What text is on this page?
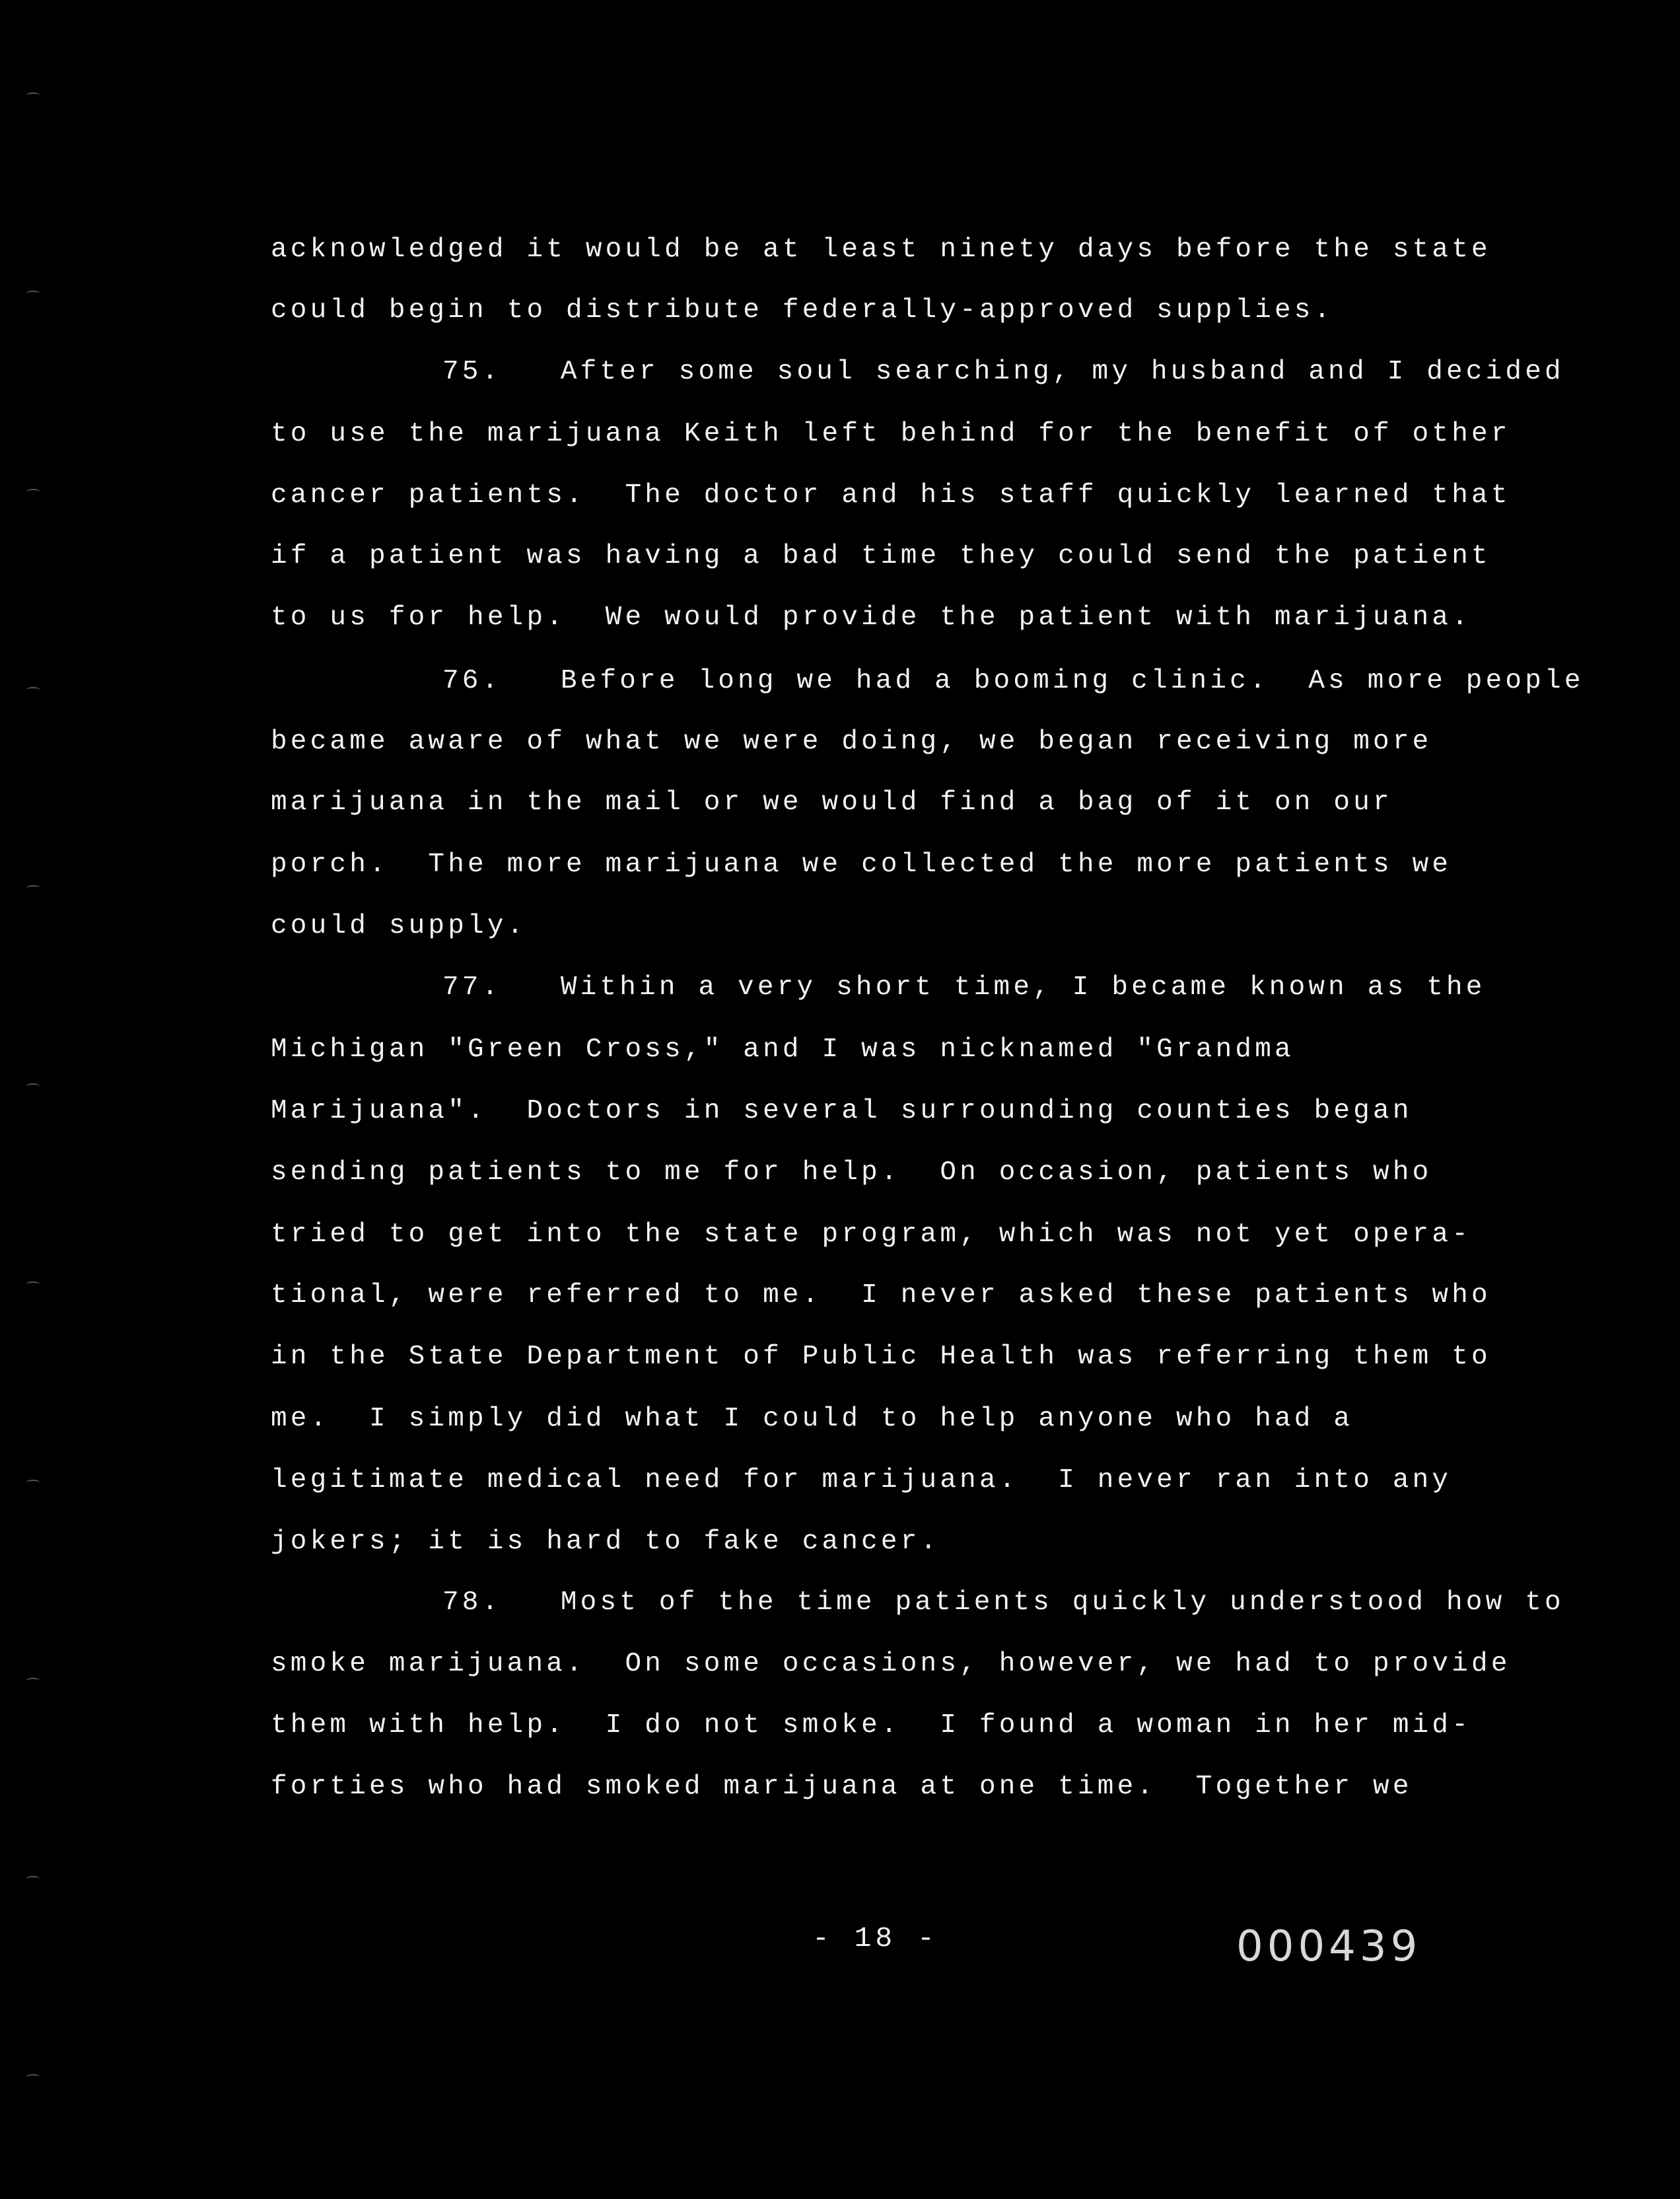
acknowledged it would be at least ninety days before the state
could begin to distribute federally-approved supplies.
75.   After some soul searching, my husband and I decided
to use the marijuana Keith left behind for the benefit of other
cancer patients.  The doctor and his staff quickly learned that
if a patient was having a bad time they could send the patient
to us for help.  We would provide the patient with marijuana.
76.   Before long we had a booming clinic.  As more people
became aware of what we were doing, we began receiving more
marijuana in the mail or we would find a bag of it on our
porch.  The more marijuana we collected the more patients we
could supply.
77.   Within a very short time, I became known as the
Michigan "Green Cross," and I was nicknamed "Grandma
Marijuana".  Doctors in several surrounding counties began
sending patients to me for help.  On occasion, patients who
tried to get into the state program, which was not yet opera-
tional, were referred to me.  I never asked these patients who
in the State Department of Public Health was referring them to
me.  I simply did what I could to help anyone who had a
legitimate medical need for marijuana.  I never ran into any
jokers; it is hard to fake cancer.
78.   Most of the time patients quickly understood how to
smoke marijuana.  On some occasions, however, we had to provide
them with help.  I do not smoke.  I found a woman in her mid-
forties who had smoked marijuana at one time.  Together we
- 18 -	000439
